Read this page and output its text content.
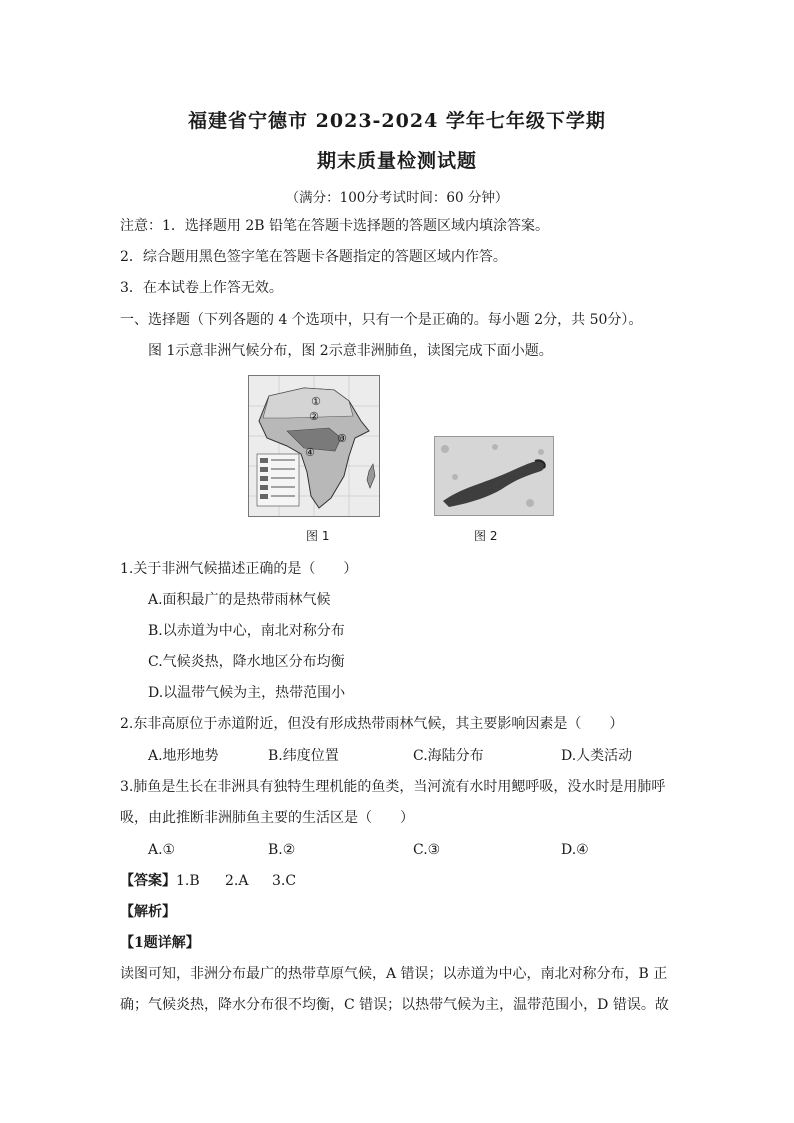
福建省宁德市 2023-2024 学年七年级下学期
期末质量检测试题
（满分：100分考试时间：60 分钟）
注意：1．选择题用 2B 铅笔在答题卡选择题的答题区域内填涂答案。
2．综合题用黑色签字笔在答题卡各题指定的答题区域内作答。
3．在本试卷上作答无效。
一、选择题（下列各题的 4 个选项中，只有一个是正确的。每小题 2分，共 50分）。
图 1示意非洲气候分布，图 2示意非洲肺鱼，读图完成下面小题。
①
②
③
④
图 1	图 2
1.关于非洲气候描述正确的是（　　）
A.面积最广的是热带雨林气候
B.以赤道为中心，南北对称分布
C.气候炎热，降水地区分布均衡
D.以温带气候为主，热带范围小
2.东非高原位于赤道附近，但没有形成热带雨林气候，其主要影响因素是（　　）
A.地形地势	B.纬度位置	C.海陆分布	D.人类活动
3.肺鱼是生长在非洲具有独特生理机能的鱼类，当河流有水时用鳃呼吸，没水时是用肺呼
吸，由此推断非洲肺鱼主要的生活区是（　　）
A.①	B.②	C.③	D.④
【答案】 1.B 2.A 3.C
【解析】
【1题详解】
读图可知，非洲分布最广的热带草原气候，A 错误；以赤道为中心，南北对称分布，B 正
确；气候炎热，降水分布很不均衡，C 错误；以热带气候为主，温带范围小，D 错误。故
